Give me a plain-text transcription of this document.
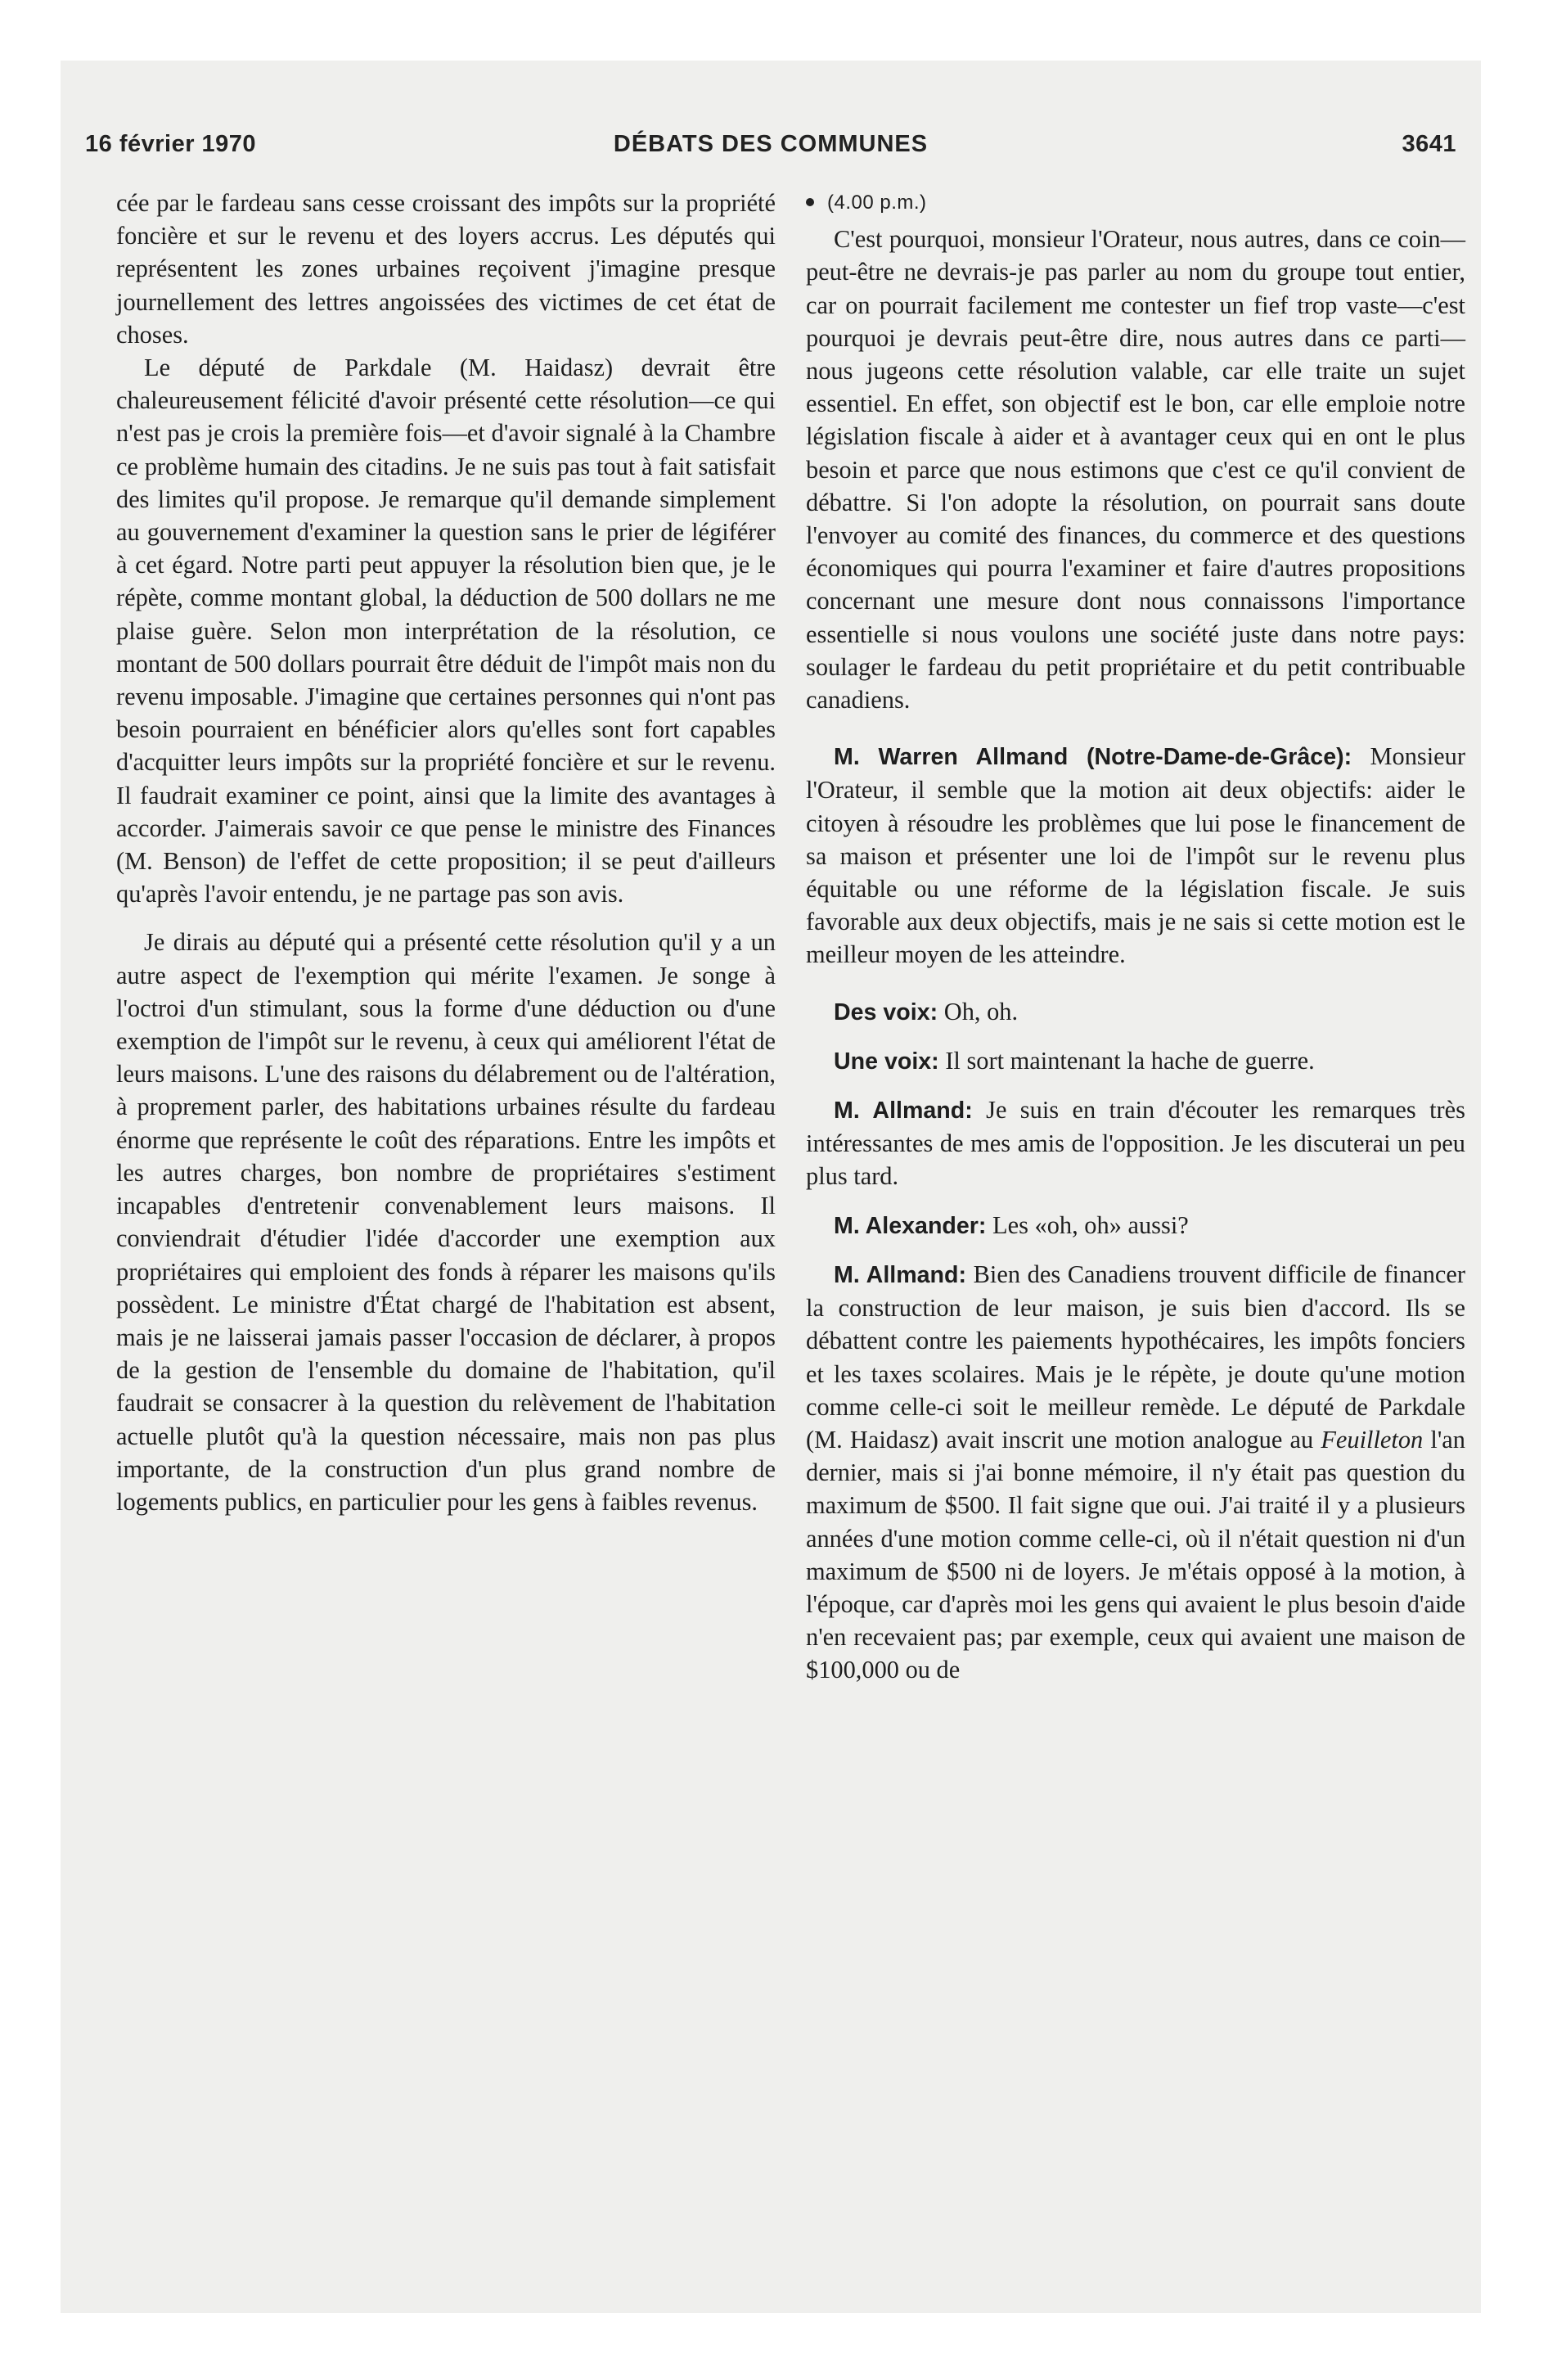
DÉBATS DES COMMUNES
16 février 1970	3641

cée par le fardeau sans cesse croissant des impôts sur la propriété foncière et sur le revenu et des loyers accrus. Les députés qui représentent les zones urbaines reçoivent j'imagine presque journellement des lettres angoissées des victimes de cet état de choses.

Le député de Parkdale (M. Haidasz) devrait être chaleureusement félicité d'avoir présenté cette résolution—ce qui n'est pas je crois la première fois—et d'avoir signalé à la Chambre ce problème humain des citadins. Je ne suis pas tout à fait satisfait des limites qu'il propose. Je remarque qu'il demande simplement au gouvernement d'examiner la question sans le prier de légiférer à cet égard. Notre parti peut appuyer la résolution bien que, je le répète, comme montant global, la déduction de 500 dollars ne me plaise guère. Selon mon interprétation de la résolution, ce montant de 500 dollars pourrait être déduit de l'impôt mais non du revenu imposable. J'imagine que certaines personnes qui n'ont pas besoin pourraient en bénéficier alors qu'elles sont fort capables d'acquitter leurs impôts sur la propriété foncière et sur le revenu. Il faudrait examiner ce point, ainsi que la limite des avantages à accorder. J'aimerais savoir ce que pense le ministre des Finances (M. Benson) de l'effet de cette proposition; il se peut d'ailleurs qu'après l'avoir entendu, je ne partage pas son avis.

Je dirais au député qui a présenté cette résolution qu'il y a un autre aspect de l'exemption qui mérite l'examen. Je songe à l'octroi d'un stimulant, sous la forme d'une déduction ou d'une exemption de l'impôt sur le revenu, à ceux qui améliorent l'état de leurs maisons. L'une des raisons du délabrement ou de l'altération, à proprement parler, des habitations urbaines résulte du fardeau énorme que représente le coût des réparations. Entre les impôts et les autres charges, bon nombre de propriétaires s'estiment incapables d'entretenir convenablement leurs maisons. Il conviendrait d'étudier l'idée d'accorder une exemption aux propriétaires qui emploient des fonds à réparer les maisons qu'ils possèdent. Le ministre d'État chargé de l'habitation est absent, mais je ne laisserai jamais passer l'occasion de déclarer, à propos de la gestion de l'ensemble du domaine de l'habitation, qu'il faudrait se consacrer à la question du relèvement de l'habitation actuelle plutôt qu'à la question nécessaire, mais non pas plus importante, de la construction d'un plus grand nombre de logements publics, en particulier pour les gens à faibles revenus.

(4.00 p.m.)

C'est pourquoi, monsieur l'Orateur, nous autres, dans ce coin—peut-être ne devrais-je pas parler au nom du groupe tout entier, car on pourrait facilement me contester un fief trop vaste—c'est pourquoi je devrais peut-être dire, nous autres dans ce parti—nous jugeons cette résolution valable, car elle traite un sujet essentiel. En effet, son objectif est le bon, car elle emploie notre législation fiscale à aider et à avantager ceux qui en ont le plus besoin et parce que nous estimons que c'est ce qu'il convient de débattre. Si l'on adopte la résolution, on pourrait sans doute l'envoyer au comité des finances, du commerce et des questions économiques qui pourra l'examiner et faire d'autres propositions concernant une mesure dont nous connaissons l'importance essentielle si nous voulons une société juste dans notre pays: soulager le fardeau du petit propriétaire et du petit contribuable canadiens.

M. Warren Allmand (Notre-Dame-de-Grâce): Monsieur l'Orateur, il semble que la motion ait deux objectifs: aider le citoyen à résoudre les problèmes que lui pose le financement de sa maison et présenter une loi de l'impôt sur le revenu plus équitable ou une réforme de la législation fiscale. Je suis favorable aux deux objectifs, mais je ne sais si cette motion est le meilleur moyen de les atteindre.

Des voix: Oh, oh.

Une voix: Il sort maintenant la hache de guerre.

M. Allmand: Je suis en train d'écouter les remarques très intéressantes de mes amis de l'opposition. Je les discuterai un peu plus tard.

M. Alexander: Les «oh, oh» aussi?

M. Allmand: Bien des Canadiens trouvent difficile de financer la construction de leur maison, je suis bien d'accord. Ils se débattent contre les paiements hypothécaires, les impôts fonciers et les taxes scolaires. Mais je le répète, je doute qu'une motion comme celle-ci soit le meilleur remède. Le député de Parkdale (M. Haidasz) avait inscrit une motion analogue au Feuilleton l'an dernier, mais si j'ai bonne mémoire, il n'y était pas question du maximum de $500. Il fait signe que oui. J'ai traité il y a plusieurs années d'une motion comme celle-ci, où il n'était question ni d'un maximum de $500 ni de loyers. Je m'étais opposé à la motion, à l'époque, car d'après moi les gens qui avaient le plus besoin d'aide n'en recevaient pas; par exemple, ceux qui avaient une maison de $100,000 ou de
